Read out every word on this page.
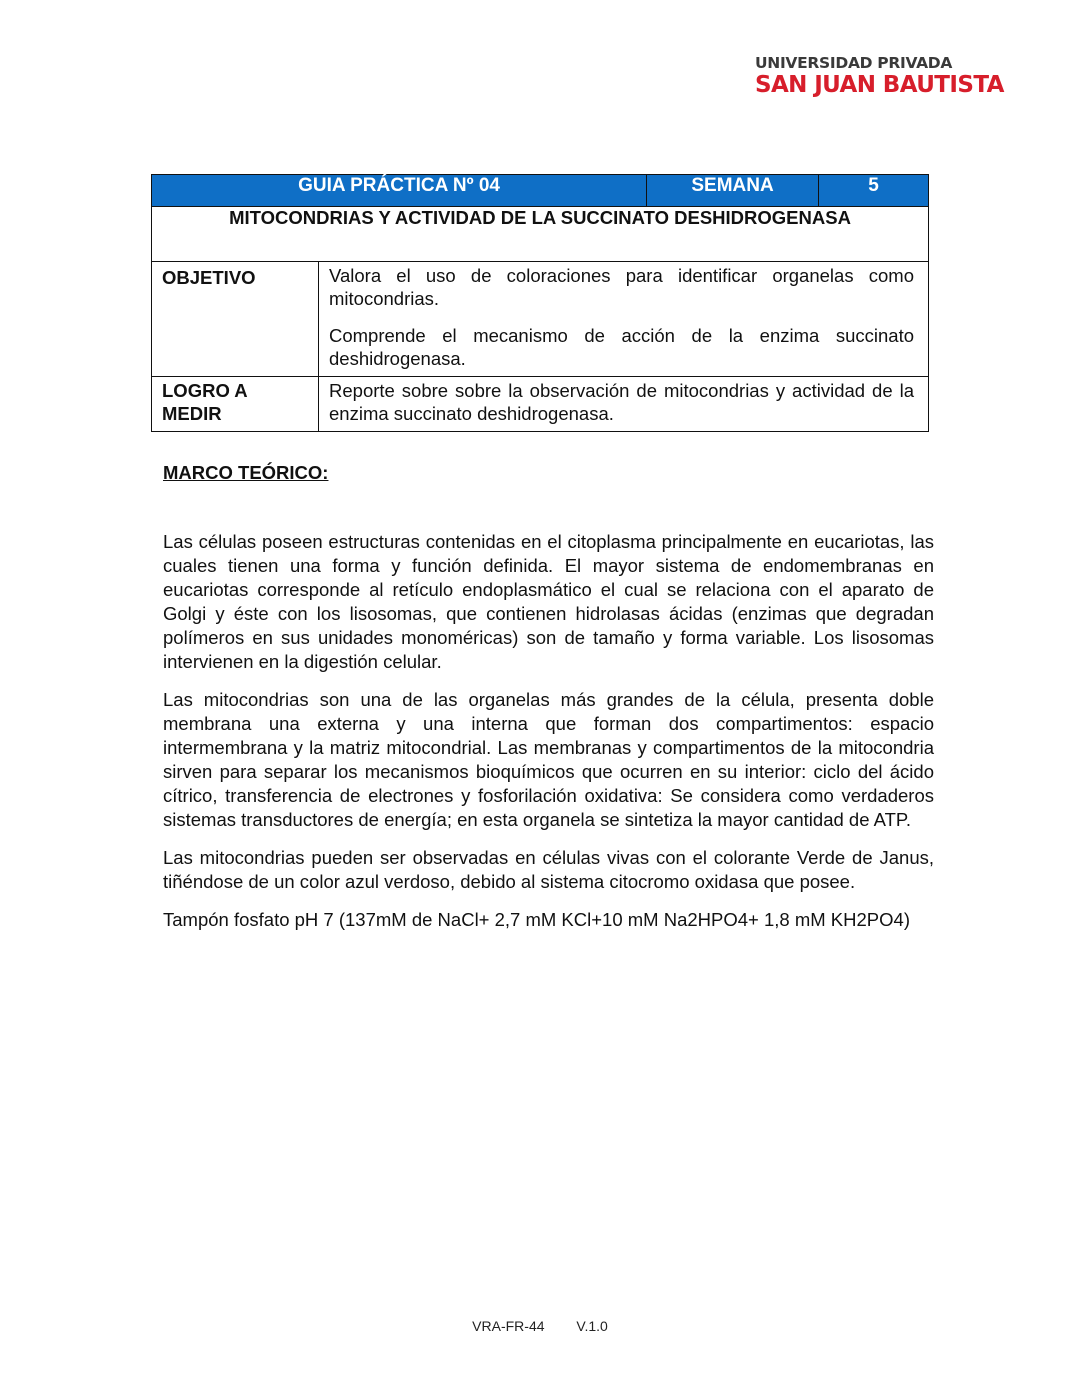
UNIVERSIDAD PRIVADA
SAN JUAN BAUTISTA
GUIA PRÁCTICA Nº 04		SEMANA	5
MITOCONDRIAS Y ACTIVIDAD DE LA SUCCINATO DESHIDROGENASA			
OBJETIVO	Valora el uso de coloraciones para identificar organelas como mitocondrias.

Comprende el mecanismo de acción de la enzima succinato deshidrogenasa.		

LOGRO A
MEDIR	Reporte sobre sobre la observación de mitocondrias y actividad de la enzima succinato deshidrogenasa.		

MARCO TEÓRICO:

Las células poseen estructuras contenidas en el citoplasma principalmente en eucariotas, las cuales tienen una forma y función definida. El mayor sistema de endomembranas en eucariotas corresponde al retículo endoplasmático el cual se relaciona con el aparato de Golgi y éste con los lisosomas, que contienen hidrolasas ácidas (enzimas que degradan polímeros en sus unidades monoméricas) son de tamaño y forma variable. Los lisosomas intervienen en la digestión celular.

Las mitocondrias son una de las organelas más grandes de la célula, presenta doble membrana una externa y una interna que forman dos compartimentos: espacio intermembrana y la matriz mitocondrial. Las membranas y compartimentos de la mitocondria sirven para separar los mecanismos bioquímicos que ocurren en su interior: ciclo del ácido cítrico, transferencia de electrones y fosforilación oxidativa: Se considera como verdaderos sistemas transductores de energía; en esta organela se sintetiza la mayor cantidad de ATP.

Las mitocondrias pueden ser observadas en células vivas con el colorante Verde de Janus, tiñéndose de un color azul verdoso, debido al sistema citocromo oxidasa que posee.

Tampón fosfato pH 7 (137mM de NaCl+ 2,7 mM KCl+10 mM Na2HPO4+ 1,8 mM KH2PO4)

VRA-FR-44 V.1.0
